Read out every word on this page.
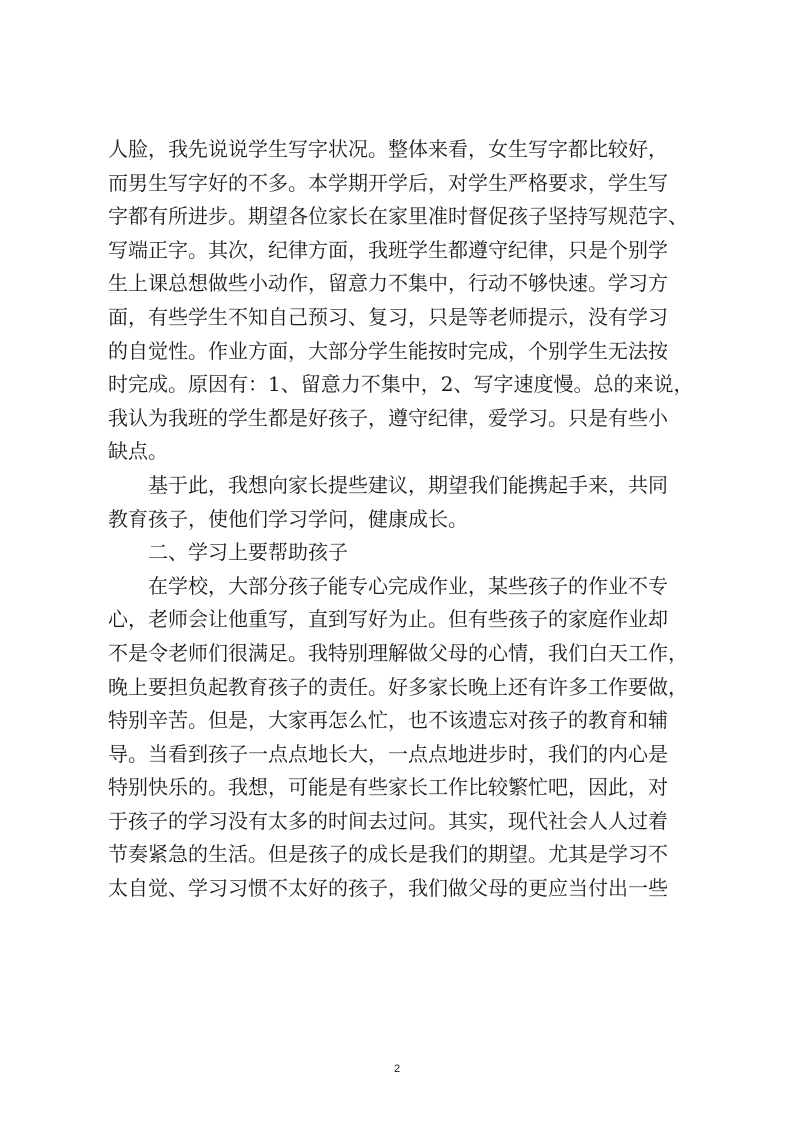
人脸，我先说说学生写字状况。整体来看，女生写字都比较好，
而男生写字好的不多。本学期开学后，对学生严格要求，学生写
字都有所进步。期望各位家长在家里准时督促孩子坚持写规范字、
写端正字。其次，纪律方面，我班学生都遵守纪律，只是个别学
生上课总想做些小动作，留意力不集中，行动不够快速。学习方
面，有些学生不知自己预习、复习，只是等老师提示，没有学习
的自觉性。作业方面，大部分学生能按时完成，个别学生无法按
时完成。原因有：1、留意力不集中，2、写字速度慢。总的来说，
我认为我班的学生都是好孩子，遵守纪律，爱学习。只是有些小
缺点。
基于此，我想向家长提些建议，期望我们能携起手来，共同
教育孩子，使他们学习学问，健康成长。
二、学习上要帮助孩子
在学校，大部分孩子能专心完成作业，某些孩子的作业不专
心，老师会让他重写，直到写好为止。但有些孩子的家庭作业却
不是令老师们很满足。我特别理解做父母的心情，我们白天工作，
晚上要担负起教育孩子的责任。好多家长晚上还有许多工作要做，
特别辛苦。但是，大家再怎么忙，也不该遗忘对孩子的教育和辅
导。当看到孩子一点点地长大，一点点地进步时，我们的内心是
特别快乐的。我想，可能是有些家长工作比较繁忙吧，因此，对
于孩子的学习没有太多的时间去过问。其实，现代社会人人过着
节奏紧急的生活。但是孩子的成长是我们的期望。尤其是学习不
太自觉、学习习惯不太好的孩子，我们做父母的更应当付出一些
2
